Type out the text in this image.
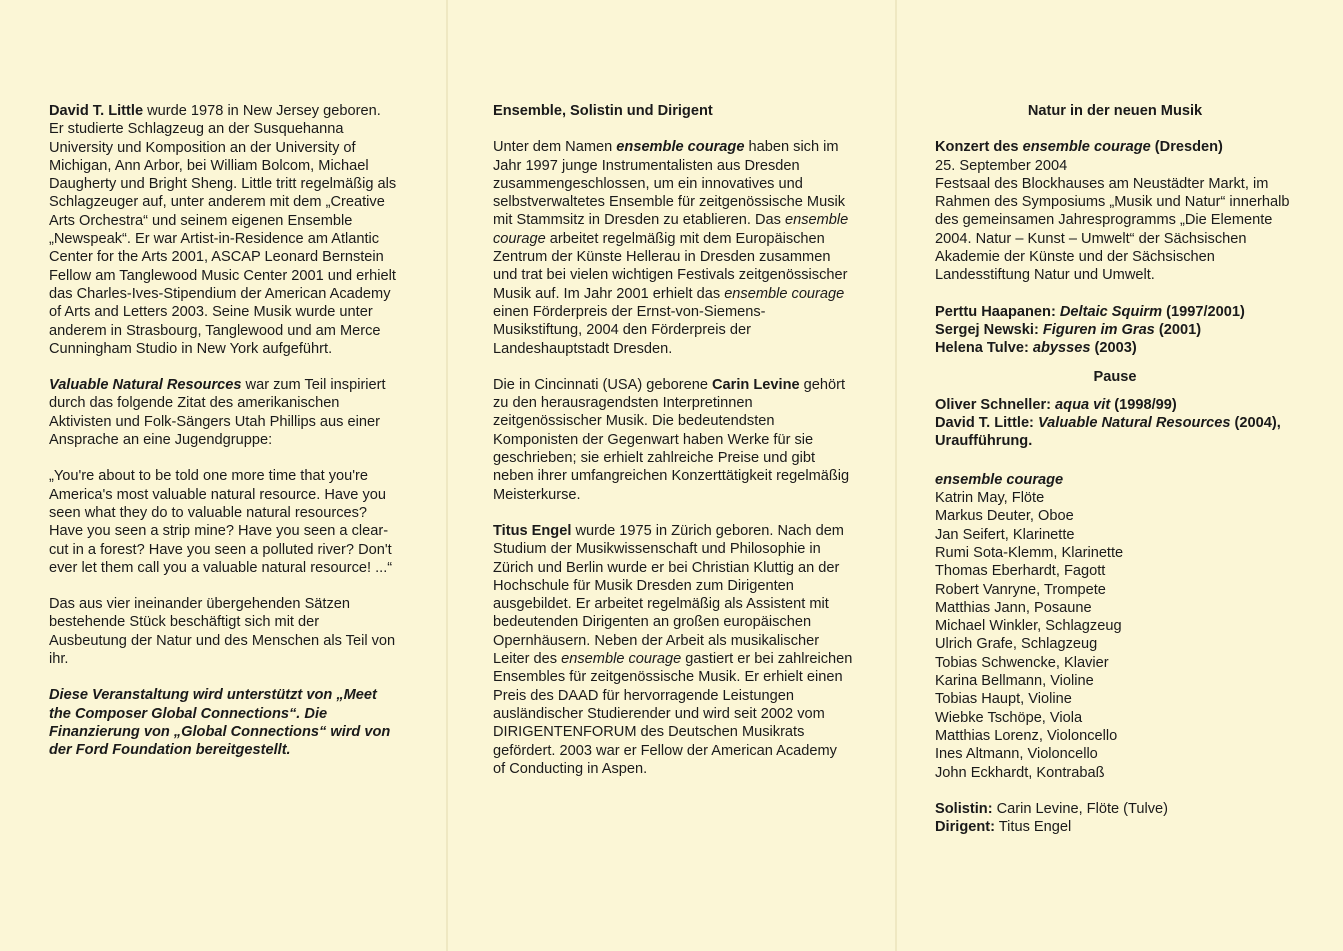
David T. Little wurde 1978 in New Jersey geboren. Er studierte Schlagzeug an der Susquehanna University und Komposition an der University of Michigan, Ann Arbor, bei William Bolcom, Michael Daugherty und Bright Sheng. Little tritt regelmäßig als Schlagzeuger auf, unter anderem mit dem „Creative Arts Orchestra“ und seinem eigenen Ensemble „Newspeak“. Er war Artist-in-Residence am Atlantic Center for the Arts 2001, ASCAP Leonard Bernstein Fellow am Tanglewood Music Center 2001 und erhielt das Charles-Ives-Stipendium der American Academy of Arts and Letters 2003. Seine Musik wurde unter anderem in Strasbourg, Tanglewood und am Merce Cunningham Studio in New York aufgeführt.

Valuable Natural Resources war zum Teil inspiriert durch das folgende Zitat des amerikanischen Aktivisten und Folk-Sängers Utah Phillips aus einer Ansprache an eine Jugendgruppe:

„You're about to be told one more time that you're America's most valuable natural resource. Have you seen what they do to valuable natural resources? Have you seen a strip mine? Have you seen a clear-cut in a forest? Have you seen a polluted river? Don't ever let them call you a valuable natural resource! ...“

Das aus vier ineinander übergehenden Sätzen bestehende Stück beschäftigt sich mit der Ausbeutung der Natur und des Menschen als Teil von ihr.

Diese Veranstaltung wird unterstützt von „Meet the Composer Global Connections“. Die Finanzierung von „Global Connections“ wird von der Ford Foundation bereitgestellt.

Ensemble, Solistin und Dirigent

Unter dem Namen ensemble courage haben sich im Jahr 1997 junge Instrumentalisten aus Dresden zusammengeschlossen, um ein innovatives und selbstverwaltetes Ensemble für zeitgenössische Musik mit Stammsitz in Dresden zu etablieren. Das ensemble courage arbeitet regelmäßig mit dem Europäischen Zentrum der Künste Hellerau in Dresden zusammen und trat bei vielen wichtigen Festivals zeitgenössischer Musik auf. Im Jahr 2001 erhielt das ensemble courage einen Förderpreis der Ernst-von-Siemens-Musikstiftung, 2004 den Förderpreis der Landeshauptstadt Dresden.

Die in Cincinnati (USA) geborene Carin Levine gehört zu den herausragendsten Interpretinnen zeitgenössischer Musik. Die bedeutendsten Komponisten der Gegenwart haben Werke für sie geschrieben; sie erhielt zahlreiche Preise und gibt neben ihrer umfangreichen Konzerttätigkeit regelmäßig Meisterkurse.

Titus Engel wurde 1975 in Zürich geboren. Nach dem Studium der Musikwissenschaft und Philosophie in Zürich und Berlin wurde er bei Christian Kluttig an der Hochschule für Musik Dresden zum Dirigenten ausgebildet. Er arbeitet regelmäßig als Assistent mit bedeutenden Dirigenten an großen europäischen Opernhäusern. Neben der Arbeit als musikalischer Leiter des ensemble courage gastiert er bei zahlreichen Ensembles für zeitgenössische Musik. Er erhielt einen Preis des DAAD für hervorragende Leistungen ausländischer Studierender und wird seit 2002 vom DIRIGENTENFORUM des Deutschen Musikrats gefördert. 2003 war er Fellow der American Academy of Conducting in Aspen.

Natur in der neuen Musik

Konzert des ensemble courage (Dresden)

25. September 2004

Festsaal des Blockhauses am Neustädter Markt, im Rahmen des Symposiums „Musik und Natur“ innerhalb des gemeinsamen Jahresprogramms „Die Elemente 2004. Natur – Kunst – Umwelt“ der Sächsischen Akademie der Künste und der Sächsischen Landesstiftung Natur und Umwelt.

Perttu Haapanen: Deltaic Squirm (1997/2001)

Sergej Newski: Figuren im Gras (2001)

Helena Tulve: abysses (2003)

Pause

Oliver Schneller: aqua vit (1998/99)

David T. Little: Valuable Natural Resources (2004), Uraufführung.

ensemble courage

Katrin May, Flöte
Markus Deuter, Oboe
Jan Seifert, Klarinette
Rumi Sota-Klemm, Klarinette
Thomas Eberhardt, Fagott
Robert Vanryne, Trompete
Matthias Jann, Posaune
Michael Winkler, Schlagzeug
Ulrich Grafe, Schlagzeug
Tobias Schwencke, Klavier
Karina Bellmann, Violine
Tobias Haupt, Violine
Wiebke Tschöpe, Viola
Matthias Lorenz, Violoncello
Ines Altmann, Violoncello
John Eckhardt, Kontrabaß

Solistin: Carin Levine, Flöte (Tulve)

Dirigent: Titus Engel
